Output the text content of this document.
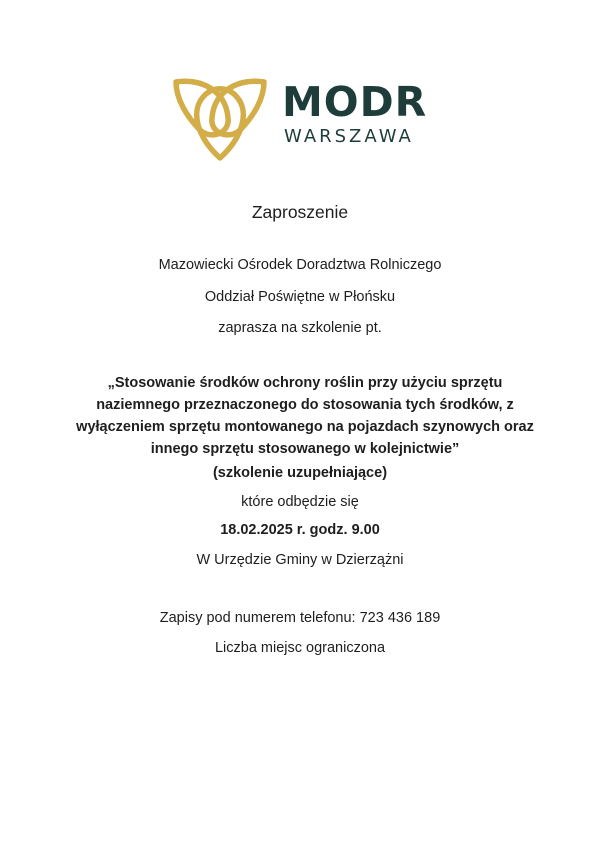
MODR
WARSZAWA
Zaproszenie
Mazowiecki Ośrodek Doradztwa Rolniczego
Oddział Poświętne w Płońsku
zaprasza na szkolenie pt.
„Stosowanie środków ochrony roślin przy użyciu sprzętu
naziemnego przeznaczonego do stosowania tych środków, z
wyłączeniem sprzętu montowanego na pojazdach szynowych oraz
innego sprzętu stosowanego w kolejnictwie”
(szkolenie uzupełniające)
które odbędzie się
18.02.2025 r. godz. 9.00
W Urzędzie Gminy w Dzierzążni
Zapisy pod numerem telefonu: 723 436 189
Liczba miejsc ograniczona
